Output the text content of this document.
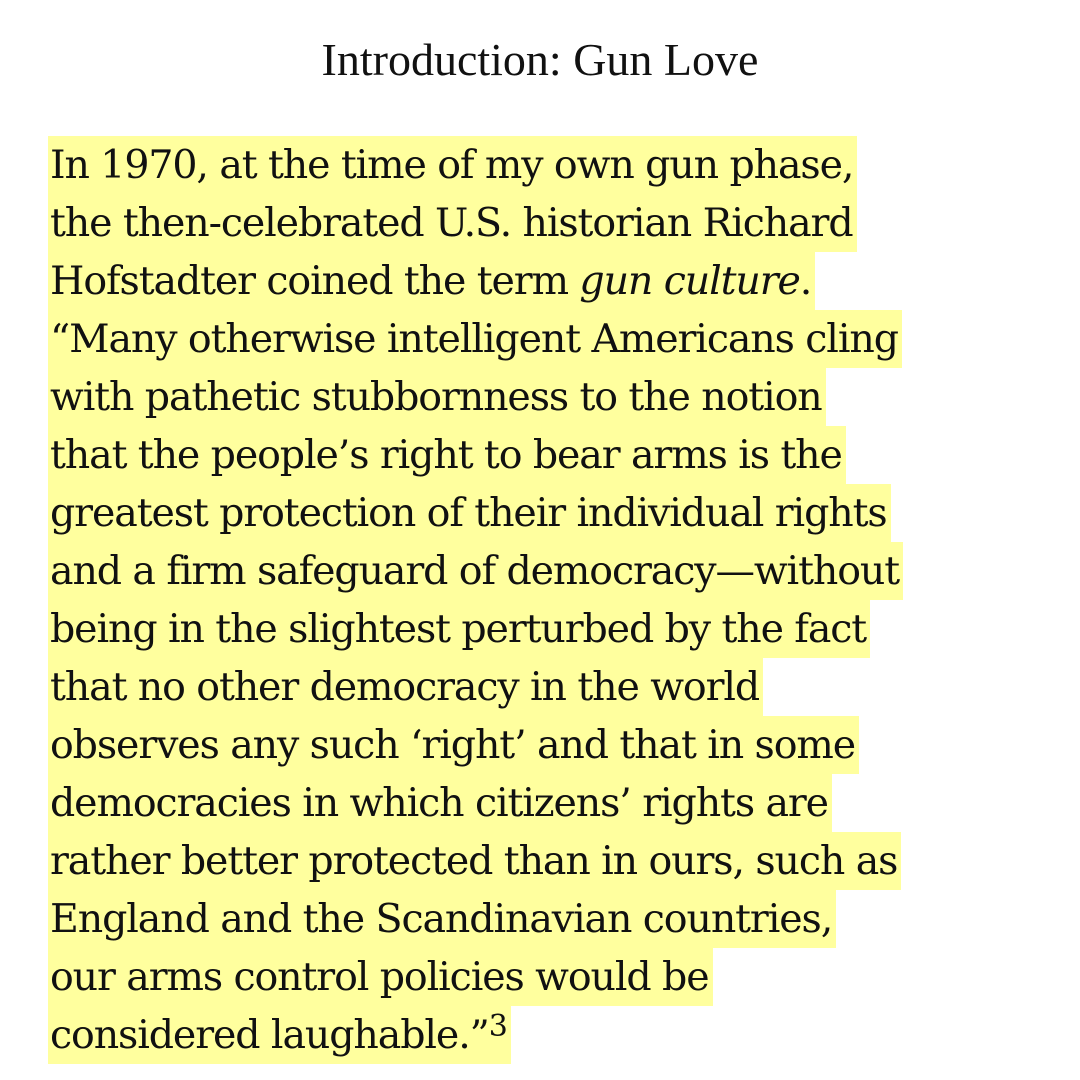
Introduction: Gun Love
In 1970, at the time of my own gun phase,
the then-celebrated U.S. historian Richard
Hofstadter coined the term gun culture.
“Many otherwise intelligent Americans cling
with pathetic stubbornness to the notion
that the people’s right to bear arms is the
greatest protection of their individual rights
and a firm safeguard of democracy—without
being in the slightest perturbed by the fact
that no other democracy in the world
observes any such ‘right’ and that in some
democracies in which citizens’ rights are
rather better protected than in ours, such as
England and the Scandinavian countries,
our arms control policies would be
considered laughable.”$^3$
